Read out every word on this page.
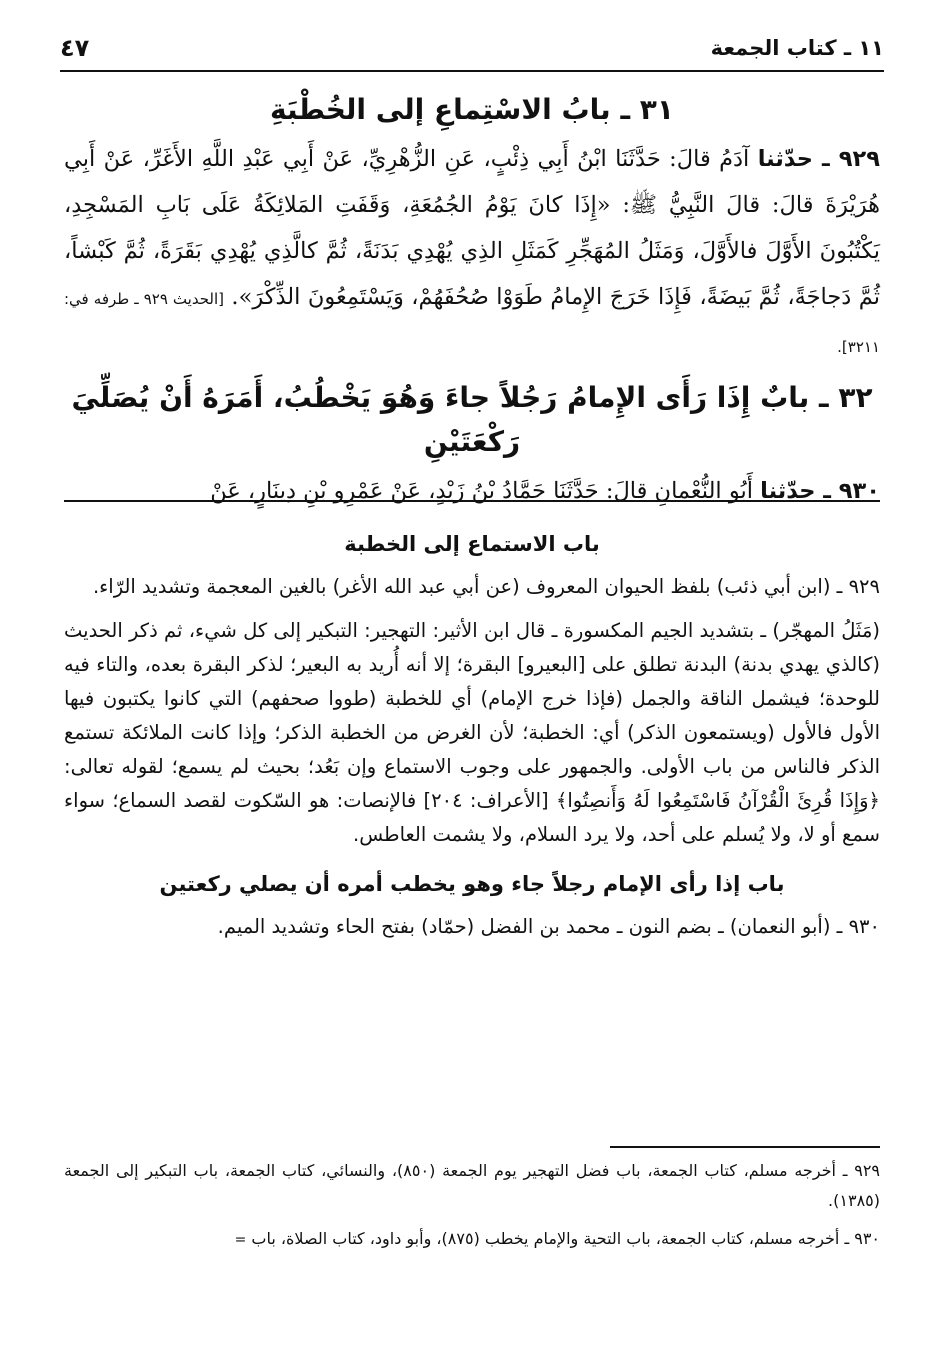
١١ ـ كتاب الجمعة
٤٧
٣١ ـ بابُ الاسْتِماعِ إلى الخُطْبَةِ

٩٢٩ ـ حدّثنا آدَمُ قالَ: حَدَّثَنَا ابْنُ أَبِي ذِئْبٍ، عَنِ الزُّهْرِيِّ، عَنْ أَبِي عَبْدِ اللَّهِ الأَغَرِّ، عَنْ أَبِي هُرَيْرَةَ قالَ: قالَ النَّبِيُّ ﷺ: «إِذَا كانَ يَوْمُ الجُمُعَةِ، وَقَفَتِ المَلائِكَةُ عَلَى بَابِ المَسْجِدِ، يَكْتُبُونَ الأَوَّلَ فالأَوَّلَ، وَمَثَلُ المُهَجِّرِ كَمَثَلِ الذِي يُهْدِي بَدَنَةً، ثُمَّ كالَّذِي يُهْدِي بَقَرَةً، ثُمَّ كَبْشاً، ثُمَّ دَجاجَةً، ثُمَّ بَيضَةً، فَإِذَا خَرَجَ الإِمامُ طَوَوْا صُحُفَهُمْ، وَيَسْتَمِعُونَ الذِّكْرَ». [الحديث ٩٢٩ ـ طرفه في: ٣٢١١].

٣٢ ـ بابٌ إِذَا رَأَى الإِمامُ رَجُلاً جاءَ وَهُوَ يَخْطُبُ، أَمَرَهُ أَنْ يُصَلِّيَ رَكْعَتَيْنِ

٩٣٠ ـ حدّثنا أَبُو النُّعْمانِ قالَ: حَدَّثَنَا حَمَّادُ بْنُ زَيْدٍ، عَنْ عَمْرِو بْنِ دِينَارٍ، عَنْ

باب الاستماع إلى الخطبة

٩٢٩ ـ (ابن أبي ذئب) بلفظ الحيوان المعروف (عن أبي عبد الله الأغر) بالغين المعجمة وتشديد الرّاء.

(مَثَلُ المهجّر) ـ بتشديد الجيم المكسورة ـ قال ابن الأثير: التهجير: التبكير إلى كل شيء، ثم ذكر الحديث (كالذي يهدي بدنة) البدنة تطلق على [البعيرو] البقرة؛ إلا أنه أُريد به البعير؛ لذكر البقرة بعده، والتاء فيه للوحدة؛ فيشمل الناقة والجمل (فإذا خرج الإمام) أي للخطبة (طووا صحفهم) التي كانوا يكتبون فيها الأول فالأول (ويستمعون الذكر) أي: الخطبة؛ لأن الغرض من الخطبة الذكر؛ وإذا كانت الملائكة تستمع الذكر فالناس من باب الأولى. والجمهور على وجوب الاستماع وإن بَعُد؛ بحيث لم يسمع؛ لقوله تعالى: ﴿وَإِذَا قُرِئَ الْقُرْآنُ فَاسْتَمِعُوا لَهُ وَأَنصِتُوا﴾ [الأعراف: ٢٠٤] فالإنصات: هو السّكوت لقصد السماع؛ سواء سمع أو لا، ولا يُسلم على أحد، ولا يرد السلام، ولا يشمت العاطس.

باب إذا رأى الإمام رجلاً جاء وهو يخطب أمره أن يصلي ركعتين

٩٣٠ ـ (أبو النعمان) ـ بضم النون ـ محمد بن الفضل (حمّاد) بفتح الحاء وتشديد الميم.

٩٢٩ ـ أخرجه مسلم، كتاب الجمعة، باب فضل التهجير يوم الجمعة (٨٥٠)، والنسائي، كتاب الجمعة، باب التبكير إلى الجمعة (١٣٨٥).

٩٣٠ ـ أخرجه مسلم، كتاب الجمعة، باب التحية والإمام يخطب (٨٧٥)، وأبو داود، كتاب الصلاة، باب =
